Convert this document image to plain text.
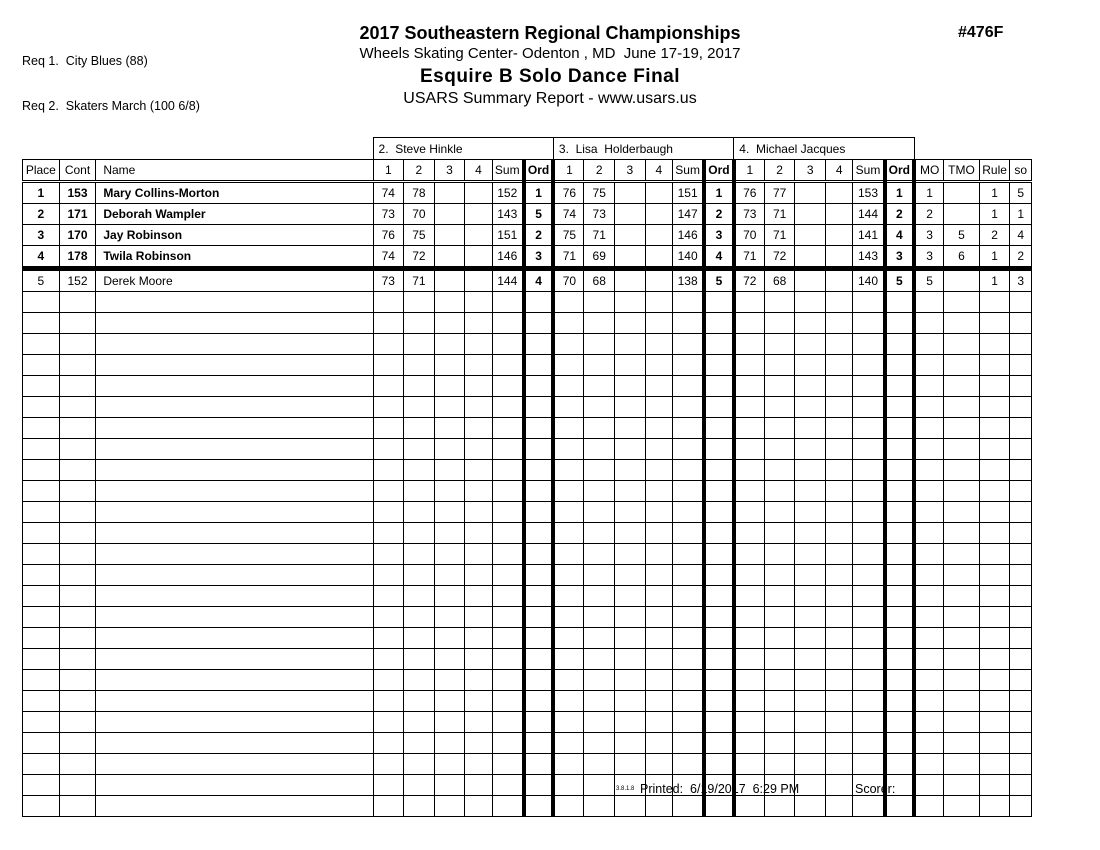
Req 1.  City Blues (88)

Req 2.  Skaters March (100 6/8)

2017 Southeastern Regional Championships
Wheels Skating Center- Odenton , MD  June 17-19, 2017
Esquire B Solo Dance Final
USARS Summary Report - www.usars.us
#476F
			2.  Steve Hinkle						3.  Lisa  Holderbaugh						4.  Michael Jacques									
Place	Cont	Name	1	2	3	4	Sum	Ord	1	2	3	4	Sum	Ord	1	2	3	4	Sum	Ord	MO	TMO	Rule	so
1	153	Mary Collins-Morton	74	78			152	1	76	75			151	1	76	77			153	1	1		1	5
2	171	Deborah Wampler	73	70			143	5	74	73			147	2	73	71			144	2	2		1	1
3	170	Jay Robinson	76	75			151	2	75	71			146	3	70	71			141	4	3	5	2	4
4	178	Twila Robinson	74	72			146	3	71	69			140	4	71	72			143	3	3	6	1	2
5	152	Derek Moore	73	71			144	4	70	68			138	5	72	68			140	5	5		1	3

3.8.1.8 Printed: 6/19/2017  6:29 PM	Scorer:
